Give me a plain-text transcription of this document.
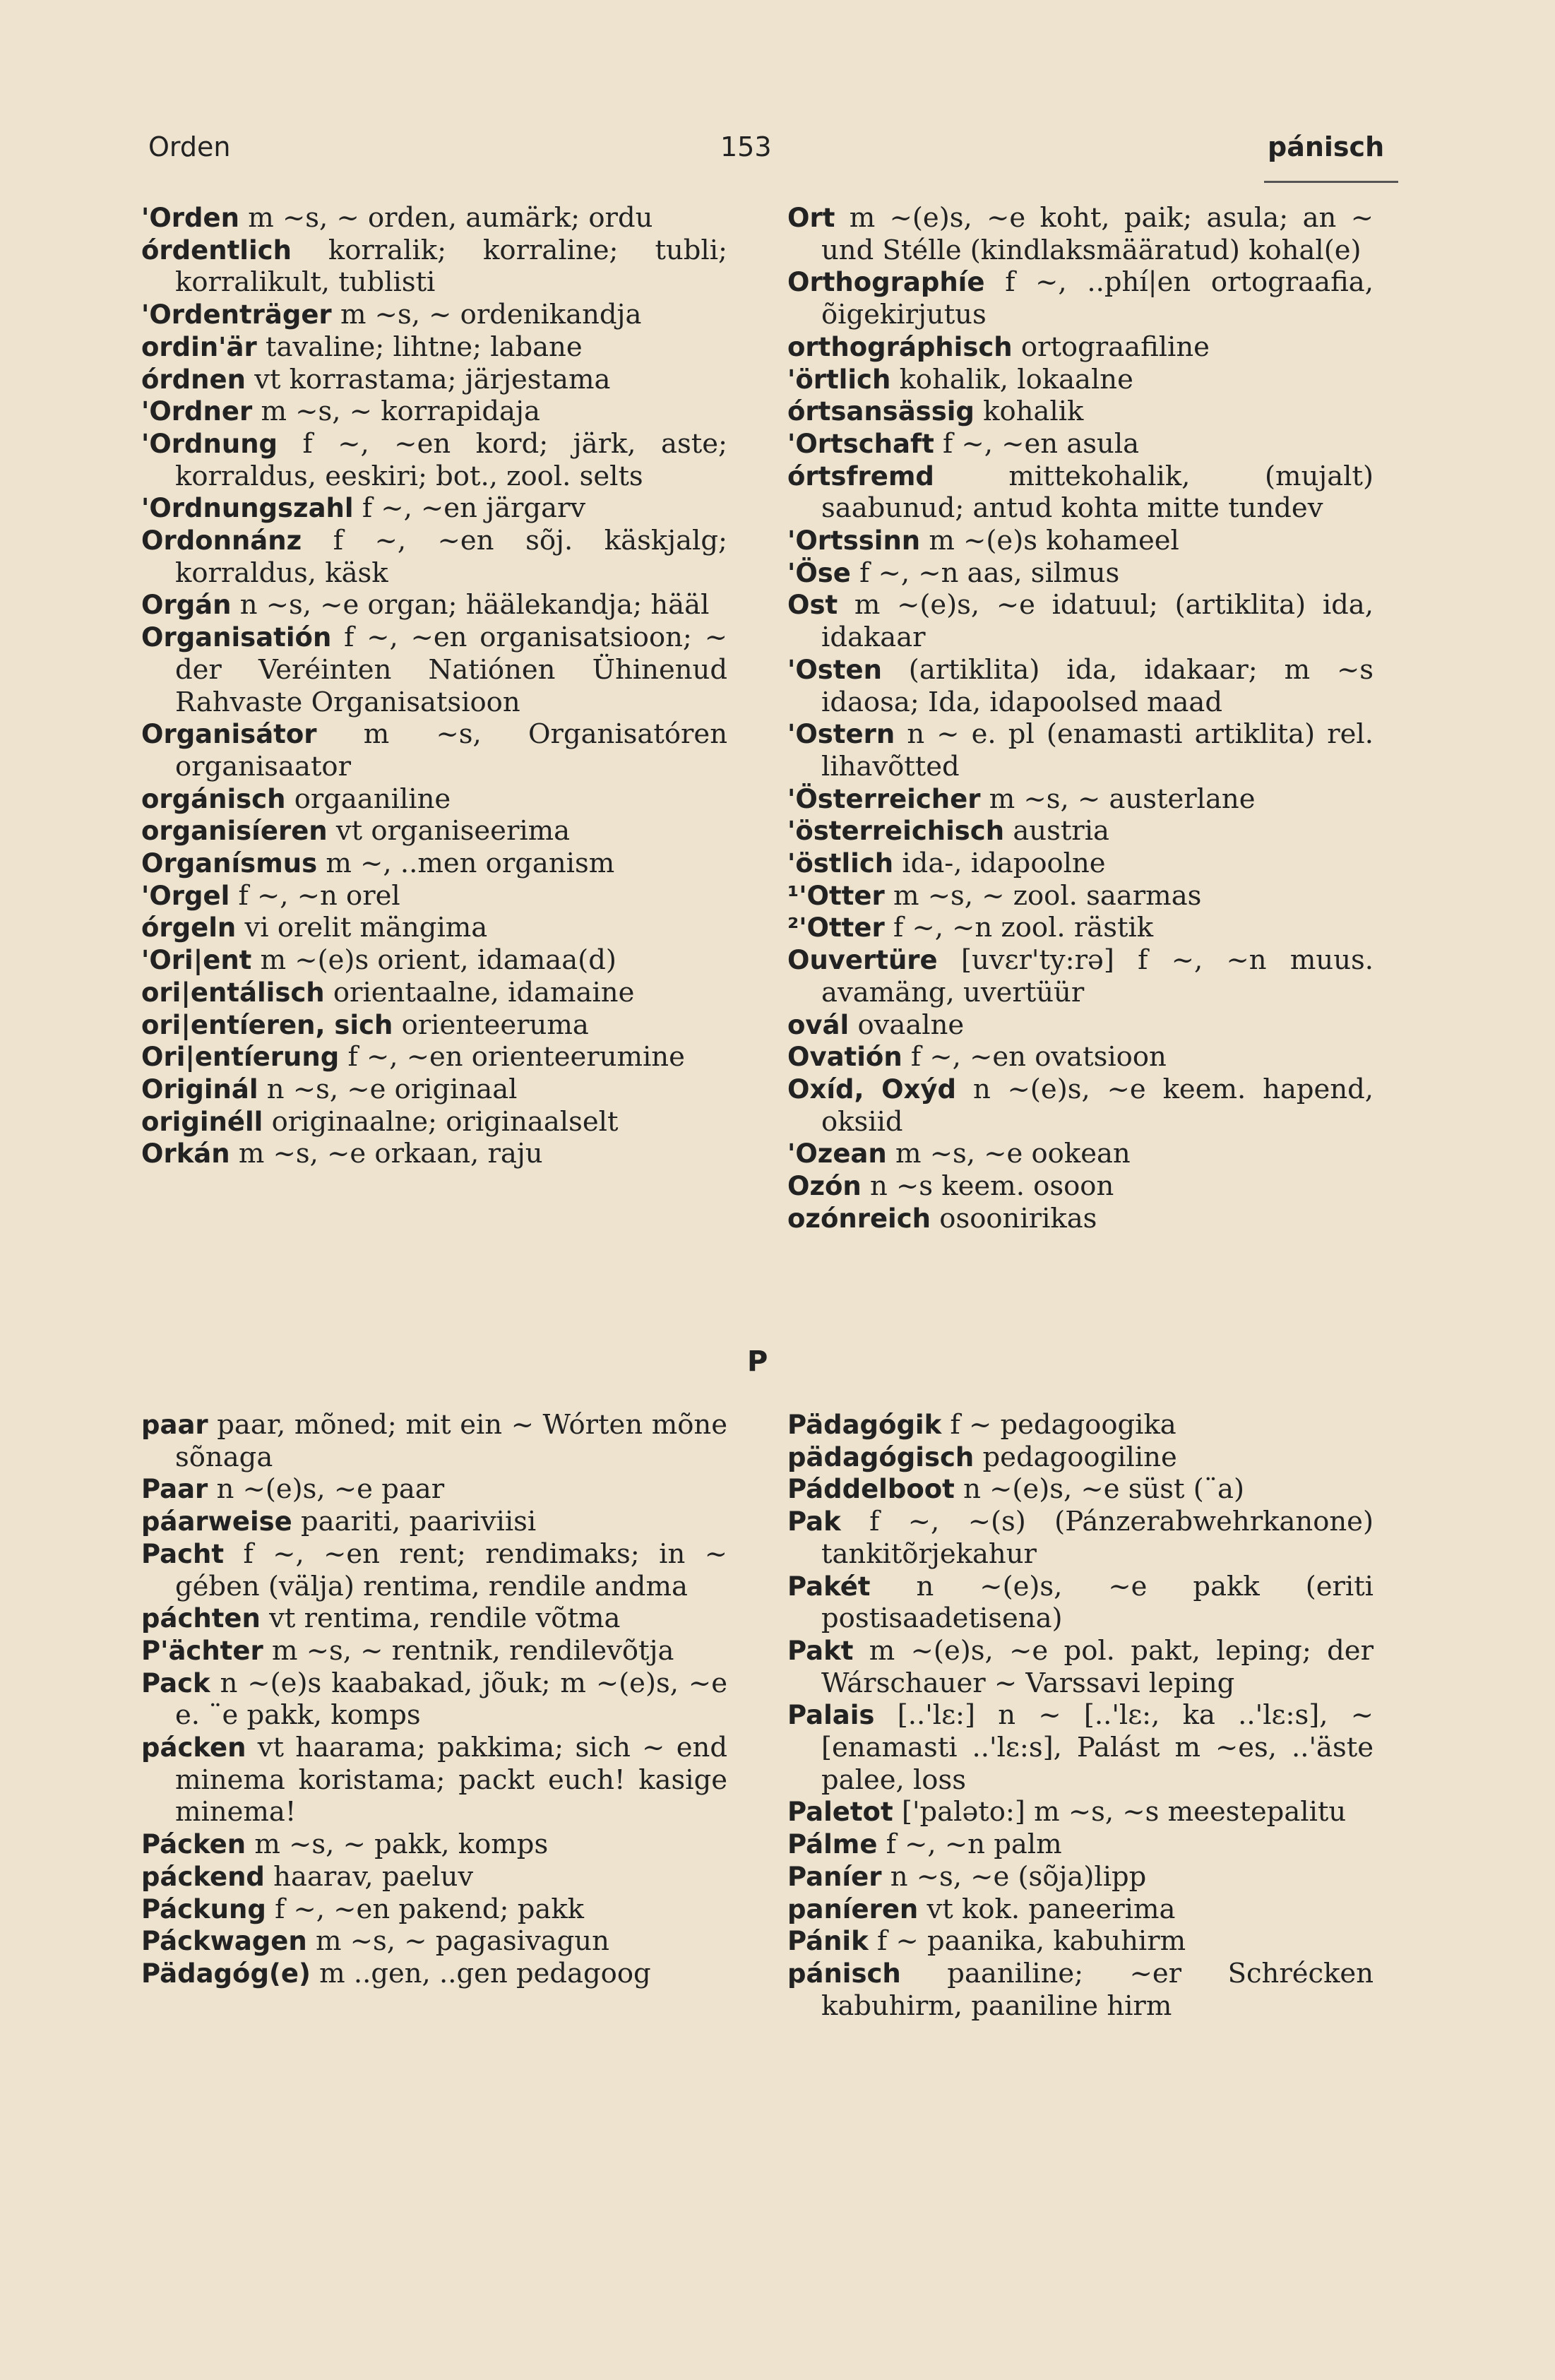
Orden	153	pánisch
'Orden m ~s, ~ orden, aumärk; ordu
órdentlich korralik; korraline; tubli; korralikult, tublisti
'Ordenträger m ~s, ~ ordenikandja
ordin'är tavaline; lihtne; labane
órdnen vt korrastama; järjestama
'Ordner m ~s, ~ korrapidaja
'Ordnung f ~, ~en kord; järk, aste; korraldus, eeskiri; bot., zool. selts
'Ordnungszahl f ~, ~en järgarv
Ordonnánz f ~, ~en sõj. käskjalg; korraldus, käsk
Orgán n ~s, ~e organ; häälekandja; hääl
Organisatión f ~, ~en organisatsioon; ~ der Veréinten Natiónen Ühinenud Rahvaste Organisatsioon
Organisátor m ~s, Organisatóren organisaator
orgánisch orgaaniline
organisíeren vt organiseerima
Organísmus m ~, ..men organism
'Orgel f ~, ~n orel
órgeln vi orelit mängima
'Ori|ent m ~(e)s orient, idamaa(d)
ori|entálisch orientaalne, idamaine
ori|entíeren, sich orienteeruma
Ori|entíerung f ~, ~en orienteerumine
Originál n ~s, ~e originaal
originéll originaalne; originaalselt
Orkán m ~s, ~e orkaan, raju
Ort m ~(e)s, ~e koht, paik; asula; an ~ und Stélle (kindlaksmääratud) kohal(e)
Orthographíe f ~, ..phí|en ortograafia, õigekirjutus
orthográphisch ortograafiline
'örtlich kohalik, lokaalne
órtsansässig kohalik
'Ortschaft f ~, ~en asula
órtsfremd	mittekohalik, (mujalt) saabunud; antud kohta mitte tundev
'Ortssinn m ~(e)s kohameel
'Öse f ~, ~n aas, silmus
Ost m ~(e)s, ~e idatuul; (artiklita) ida, idakaar
'Osten (artiklita) ida, idakaar; m ~s idaosa; Ida, idapoolsed maad
'Ostern n ~ e. pl (enamasti artiklita) rel. lihavõtted
'Österreicher m ~s, ~ austerlane
'österreichisch austria
'östlich ida-, idapoolne
¹'Otter m ~s, ~ zool. saarmas
²'Otter f ~, ~n zool. rästik
Ouvertüre [uvɛr'ty:rə] f ~, ~n muus. avamäng, uvertüür
ovál ovaalne
Ovatión f ~, ~en ovatsioon
Oxíd, Oxýd n ~(e)s, ~e keem. hapend, oksiid
'Ozean m ~s, ~e ookean
Ozón n ~s keem. osoon
ozónreich osoonirikas
P
paar paar, mõned; mit ein ~ Wórten mõne sõnaga
Paar n ~(e)s, ~e paar
páarweise paariti, paariviisi
Pacht f ~, ~en rent; rendimaks; in ~ gében (välja) rentima, rendile andma
páchten vt rentima, rendile võtma
P'ächter m ~s, ~ rentnik, rendilevõtja
Pack n ~(e)s kaabakad, jõuk; m ~(e)s, ~e e. ¨e pakk, komps
pácken vt haarama; pakkima; sich ~ end minema koristama; packt euch! kasige minema!
Pácken m ~s, ~ pakk, komps
páckend haarav, paeluv
Páckung f ~, ~en pakend; pakk
Páckwagen m ~s, ~ pagasivagun
Pädagóg(e) m ..gen, ..gen pedagoog
Pädagógik f ~ pedagoogika
pädagógisch pedagoogiline
Páddelboot n ~(e)s, ~e süst (¨a)
Pak f ~, ~(s) (Pánzerabwehrkanone) tankitõrjekahur
Pakét n ~(e)s, ~e pakk (eriti postisaadetisena)
Pakt m ~(e)s, ~e pol. pakt, leping; der Wárschauer ~ Varssavi leping
Palais [..'lɛ:] n ~ [..'lɛ:, ka ..'lɛ:s], ~ [enamasti ..'lɛ:s], Palást m ~es, ..'äste palee, loss
Paletot ['palǝto:] m ~s, ~s meestepalitu
Pálme f ~, ~n palm
Paníer n ~s, ~e (sõja)lipp
paníeren vt kok. paneerima
Pánik f ~ paanika, kabuhirm
pánisch paaniline; ~er Schrécken kabuhirm, paaniline hirm
